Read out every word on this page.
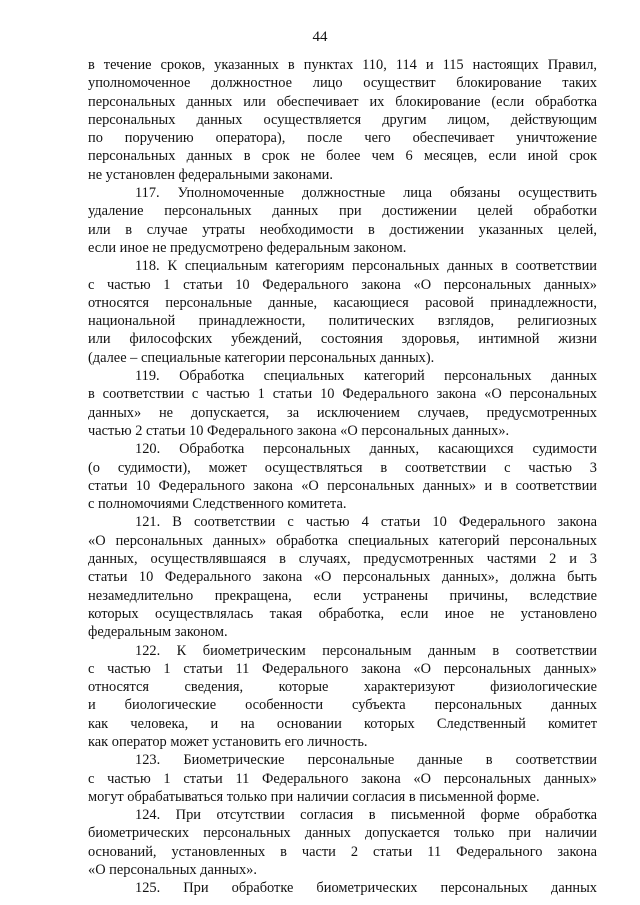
44
в течение сроков, указанных в пунктах 110, 114 и 115 настоящих Правил,
уполномоченное должностное лицо осуществит блокирование таких
персональных данных или обеспечивает их блокирование (если обработка
персональных данных осуществляется другим лицом, действующим
по поручению оператора), после чего обеспечивает уничтожение
персональных данных в срок не более чем 6 месяцев, если иной срок
не установлен федеральными законами.
117. Уполномоченные должностные лица обязаны осуществить
удаление персональных данных при достижении целей обработки
или в случае утраты необходимости в достижении указанных целей,
если иное не предусмотрено федеральным законом.
118. К специальным категориям персональных данных в соответствии
с частью 1 статьи 10 Федерального закона «О персональных данных»
относятся персональные данные, касающиеся расовой принадлежности,
национальной принадлежности, политических взглядов, религиозных
или философских убеждений, состояния здоровья, интимной жизни
(далее – специальные категории персональных данных).
119. Обработка специальных категорий персональных данных
в соответствии с частью 1 статьи 10 Федерального закона «О персональных
данных» не допускается, за исключением случаев, предусмотренных
частью 2 статьи 10 Федерального закона «О персональных данных».
120. Обработка персональных данных, касающихся судимости
(о судимости), может осуществляться в соответствии с частью 3
статьи 10 Федерального закона «О персональных данных» и в соответствии
с полномочиями Следственного комитета.
121. В соответствии с частью 4 статьи 10 Федерального закона
«О персональных данных» обработка специальных категорий персональных
данных, осуществлявшаяся в случаях, предусмотренных частями 2 и 3
статьи 10 Федерального закона «О персональных данных», должна быть
незамедлительно прекращена, если устранены причины, вследствие
которых осуществлялась такая обработка, если иное не установлено
федеральным законом.
122. К биометрическим персональным данным в соответствии
с частью 1 статьи 11 Федерального закона «О персональных данных»
относятся сведения, которые характеризуют физиологические
и биологические особенности субъекта персональных данных
как человека, и на основании которых Следственный комитет
как оператор может установить его личность.
123. Биометрические персональные данные в соответствии
с частью 1 статьи 11 Федерального закона «О персональных данных»
могут обрабатываться только при наличии согласия в письменной форме.
124. При отсутствии согласия в письменной форме обработка
биометрических персональных данных допускается только при наличии
оснований, установленных в части 2 статьи 11 Федерального закона
«О персональных данных».
125. При обработке биометрических персональных данных
